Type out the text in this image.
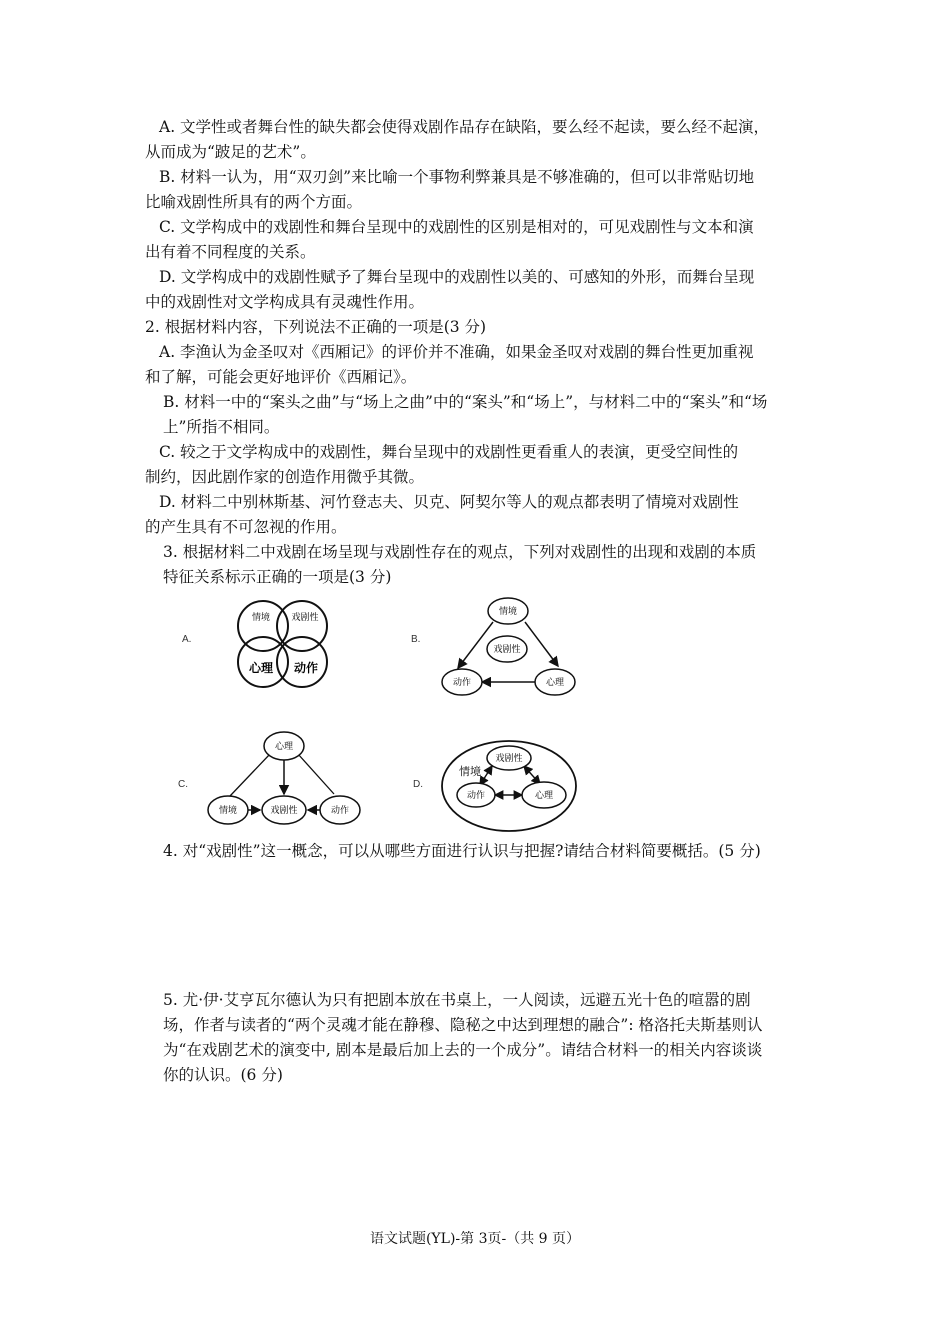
A. 文学性或者舞台性的缺失都会使得戏剧作品存在缺陷，要么经不起读，要么经不起演，
从而成为“跛足的艺术”。
B. 材料一认为，用“双刃剑”来比喻一个事物利弊兼具是不够准确的，但可以非常贴切地
比喻戏剧性所具有的两个方面。
C. 文学构成中的戏剧性和舞台呈现中的戏剧性的区别是相对的，可见戏剧性与文本和演
出有着不同程度的关系。
D. 文学构成中的戏剧性赋予了舞台呈现中的戏剧性以美的、可感知的外形，而舞台呈现
中的戏剧性对文学构成具有灵魂性作用。
2. 根据材料内容，下列说法不正确的一项是(3 分)
A. 李渔认为金圣叹对《西厢记》的评价并不准确，如果金圣叹对戏剧的舞台性更加重视
和了解，可能会更好地评价《西厢记》。
B. 材料一中的“案头之曲”与“场上之曲”中的“案头”和“场上”，与材料二中的“案头”和“场
上”所指不相同。
C. 较之于文学构成中的戏剧性，舞台呈现中的戏剧性更看重人的表演，更受空间性的
制约，因此剧作家的创造作用微乎其微。
D. 材料二中别林斯基、河竹登志夫、贝克、阿契尔等人的观点都表明了情境对戏剧性
的产生具有不可忽视的作用。
3. 根据材料二中戏剧在场呈现与戏剧性存在的观点，下列对戏剧性的出现和戏剧的本质
特征关系标示正确的一项是(3 分)
A.	B.
C.	D.
情境 戏剧性
心理 动作
情境
戏剧性
动作	心理
心理
情境	戏剧性	动作
情境
戏剧性
动作	心理
4. 对“戏剧性”这一概念，可以从哪些方面进行认识与把握?请结合材料简要概括。(5 分)
5. 尤·伊·艾亨瓦尔德认为只有把剧本放在书桌上，一人阅读，远避五光十色的喧嚣的剧
场，作者与读者的“两个灵魂才能在静穆、隐秘之中达到理想的融合”: 格洛托夫斯基则认
为“在戏剧艺术的演变中, 剧本是最后加上去的一个成分”。请结合材料一的相关内容谈谈
你的认识。(6 分)
语文试题(YL)-第 3页-（共 9 页）
